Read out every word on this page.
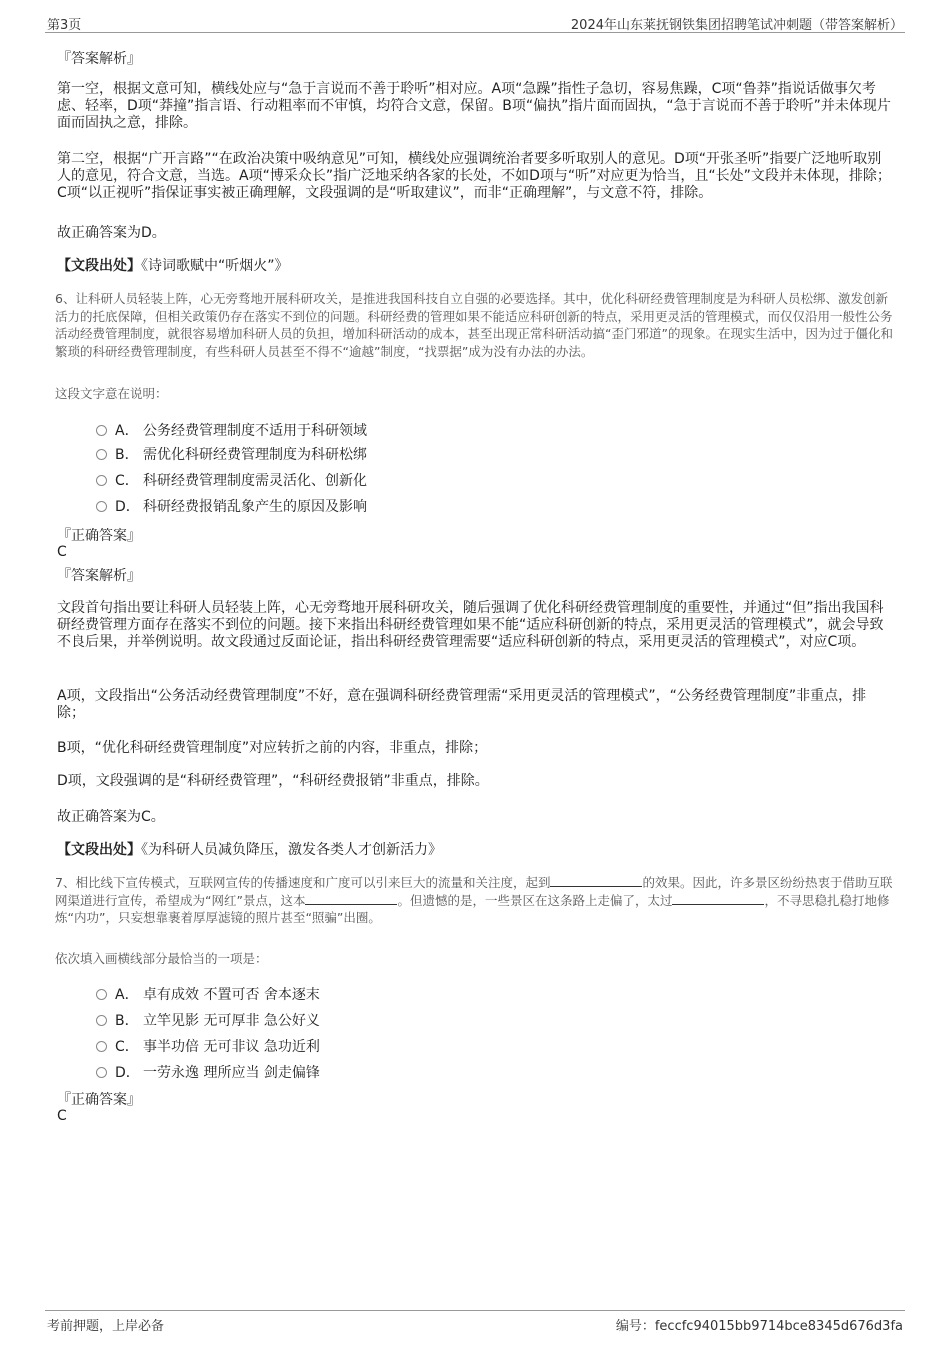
第3页	2024年山东莱抚钢铁集团招聘笔试冲刺题（带答案解析）
『答案解析』
第一空，根据文意可知，横线处应与“急于言说而不善于聆听”相对应。A项“急躁”指性子急切，容易焦躁，C项“鲁莽”指说话做事欠考虑、轻率，D项“莽撞”指言语、行动粗率而不审慎，均符合文意，保留。B项“偏执”指片面而固执，“急于言说而不善于聆听”并未体现片面而固执之意，排除。
第二空，根据“广开言路”“在政治决策中吸纳意见”可知，横线处应强调统治者要多听取别人的意见。D项“开张圣听”指要广泛地听取别人的意见，符合文意，当选。A项“博采众长”指广泛地采纳各家的长处，不如D项与“听”对应更为恰当，且“长处”文段并未体现，排除；C项“以正视听”指保证事实被正确理解，文段强调的是“听取建议”，而非“正确理解”，与文意不符，排除。
故正确答案为D。
【文段出处】《诗词歌赋中“听烟火”》
6、让科研人员轻装上阵，心无旁骛地开展科研攻关，是推进我国科技自立自强的必要选择。其中，优化科研经费管理制度是为科研人员松绑、激发创新活力的托底保障，但相关政策仍存在落实不到位的问题。科研经费的管理如果不能适应科研创新的特点，采用更灵活的管理模式，而仅仅沿用一般性公务活动经费管理制度，就很容易增加科研人员的负担，增加科研活动的成本，甚至出现正常科研活动搞“歪门邪道”的现象。在现实生活中，因为过于僵化和繁琐的科研经费管理制度，有些科研人员甚至不得不“逾越”制度，“找票据”成为没有办法的办法。
这段文字意在说明：
A． 公务经费管理制度不适用于科研领域
B． 需优化科研经费管理制度为科研松绑
C． 科研经费管理制度需灵活化、创新化
D． 科研经费报销乱象产生的原因及影响
『正确答案』
C
『答案解析』
文段首句指出要让科研人员轻装上阵，心无旁骛地开展科研攻关，随后强调了优化科研经费管理制度的重要性，并通过“但”指出我国科研经费管理方面存在落实不到位的问题。接下来指出科研经费管理如果不能“适应科研创新的特点，采用更灵活的管理模式”，就会导致不良后果，并举例说明。故文段通过反面论证，指出科研经费管理需要“适应科研创新的特点，采用更灵活的管理模式”，对应C项。
A项，文段指出“公务活动经费管理制度”不好，意在强调科研经费管理需“采用更灵活的管理模式”，“公务经费管理制度”非重点，排除；
B项，“优化科研经费管理制度”对应转折之前的内容，非重点，排除；
D项，文段强调的是“科研经费管理”，“科研经费报销”非重点，排除。
故正确答案为C。
【文段出处】《为科研人员减负降压，激发各类人才创新活力》
7、相比线下宣传模式，互联网宣传的传播速度和广度可以引来巨大的流量和关注度，起到	的效果。因此，许多景区纷纷热衷于借助互联网渠道进行宣传，希望成为“网红”景点，这本	。但遗憾的是，一些景区在这条路上走偏了，太过	，不寻思稳扎稳打地修炼“内功”，只妄想靠裹着厚厚滤镜的照片甚至“照骗”出圈。
依次填入画横线部分最恰当的一项是：
A． 卓有成效 不置可否 舍本逐末
B． 立竿见影 无可厚非 急公好义
C． 事半功倍 无可非议 急功近利
D． 一劳永逸 理所应当 剑走偏锋
『正确答案』
C
考前押题，上岸必备	编号：feccfc94015bb9714bce8345d676d3fa
